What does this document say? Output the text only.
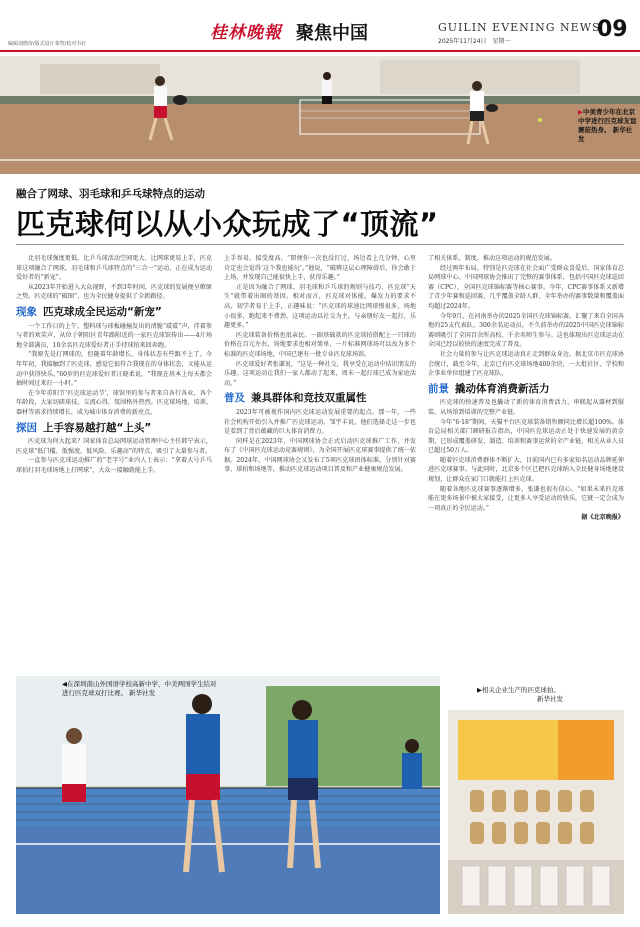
编辑刘晓涛/版式设计秦智/校对韦红
桂林晚報 聚焦中国	GUILIN EVENING NEWS
2025年11月24日　星期一	09
▶中美青少年在北京中学进行匹克球友谊赛前热身。 新华社发
融合了网球、羽毛球和乒乓球特点的运动
匹克球何以从小众玩成了“顶流”

比羽毛球强度更低、比乒乓球活动空间更大、比网球更易上手，匹克球这项融合了网球、羽毛球和乒乓球特点的“三合一”运动，正在成为运动爱好者的“新宠”。

从2023年开始进入大众视野，不到3年时间，匹克球的发展便呈燎原之势。匹克球的“破圈”，也为全民健身提供了全新路径。

现象 匹克球成全民运动“新宠”

一个工作日的上午，塑料球与球板碰撞发出的清脆“砹砹”声，伴着参与者的欢笑声，从位于朝阳区青年路附近的一家匹克球馆传出——4片场地全部满员，10余名匹克球爱好者正手持球拍来回奔跑。

“我原先是打网球的，但随着年龄增长，身体状态有些跟不上了。今年年初，我接触到了匹克球，感觉它很符合我现在的身体状态，又能从运动中获得快乐。”60岁的匹克球爱好者汪晓柔说，“我现在基本上每天都会抽时间过来打一小时。”

在今年重阳节‘匹克球运动节’，球馆里的参与者来自各行各业、各个年龄段，大家切磋球技、交流心得，氛围格外热烈。匹克球场地、培训、器材等需求持续增长，成为城市体育消费的新亮点。

探因 上手容易越打越“上头”

匹克球为何大起来？国家体育总局网球运动管理中心主任韩宁表示，匹克球“低门槛、低强度、低风险、乐趣高”的特点，吸引了大量参与者。

一直参与匹克球运动推广的“老字号”业内人士表示：“拿着大号乒乓球拍打羽毛球场地上打网球”，大众一接触就能上手。

上手容易，接受度高。“即便你一次也没打过，场边看上几分钟，心里肯定也会觉得‘这个我也能玩’。”他说，“破辨这层心理障碍后，你会敢于上场，并发现自己能很快上手，获得乐趣。”

正是因为融合了网球、羽毛球和乒乓球的规则与技巧，匹克球“天生”就带着出圈的基因。相对而言，匹克球对体能、爆发力的要求不高，初学者易于上手，正趣味说：“匹克球的球速比网球慢很多，场地小很多，跑起来不费劲，这项运动以社交为主，与亲朋好友一起打，乐趣更多。”

匹克球装备价格也很亲民。一副基础款的匹克球拍搭配上一只球的价格在百元左右，场地要求也相对简单，一片标准网球场可以改为多个标准的匹克球场地。中国已建有一批专业匹克球场馆。

匹克球爱好者张谦说，“这是一种社交，我享受在运动中结识朋友的乐趣。这项运动让我们一家人都动了起来，周末一起打球已成为家庭活动。”

普及 兼具群体和竞技双重属性

2023年可被视作国内匹克球运动发展重要的起点。那一年，一些社会机构开始引入并推广匹克球运动。邹宇丰说，他们选择走这一步也是看到了背后蕴藏的巨大体育消费力。

同样是在2023年，中国网球协会正式启动匹克球推广工作，并发布了《中国匹克球运动竞赛规则》，为全国开展匹克球赛事提供了统一依据。2024年，中国网球协会又发布了5项匹克球团体标准，分别针对赛事、球拍和场地等，推动匹克球运动项目普及和产业健康规范发展。

了相关体系、制度，推动这项运动的规范发展。

经过两年布局，特别是匹克球在社会面广受群众喜爱后，国家体育总局网球中心、中国网球协会推出了完整的赛事体系，包括中国匹克球巡回赛（CPC）、全国匹克球锦标赛等核心赛事。今年，CPC赛事体系又新增了青少年赛和巡回赛，几乎覆盖全龄人群，全年举办的赛事数量和覆盖面均超过2024年。

今年9月，在河南举办的2025全国匹克球锦标赛，汇聚了来自全国各地的25支代表队、300余名运动员。不久前举办的2025中国匹克球锦标赛则吸引了全国百余所高校、千余名师生参与。这也体现出匹克球运动在全国已经以较快的速度完成了普及。

社会力量的参与让匹克球运动真正走到群众身边。据北京市匹克球协会统计，截至今年，北京已有匹克球场地400余块，一大批社区、学校和企事业单位组建了匹克球队。

前景 撬动体育消费新活力

匹克球的快速普及也撬动了新的体育消费活力，串联起从器材到服装、从场馆到培训的完整产业链。

今年“6·18”期间，天猫平台匹克球装备销售额同比增长超100%。体育总局相关部门调研报告指出，中国匹克球运动正处于快速发展的黄金期，已形成覆盖研发、制造、培训和赛事运营的全产业链，相关从业人员已超过50万人。

随着匹克球消费群体不断扩大，目前国内已有多家知名运动品牌延伸进匹克球赛事。与此同时，北京多个区已把匹克球纳入全民健身场地建设规划，让群众在家门口就能打上匹克球。

随着各地匹克球赛事逐渐增多，张谦也很有信心。“如果未来匹克球能在更多场景中被大家接受，让更多人享受运动的快乐，它就一定会成为一项真正的全民运动。”

据《北京晚报》

◀在深圳南山外国语学校高新中学，中美两国学生结对进行匹克球双打比赛。 新华社发	▶相关企业生产的匹克球拍。
新华社发
